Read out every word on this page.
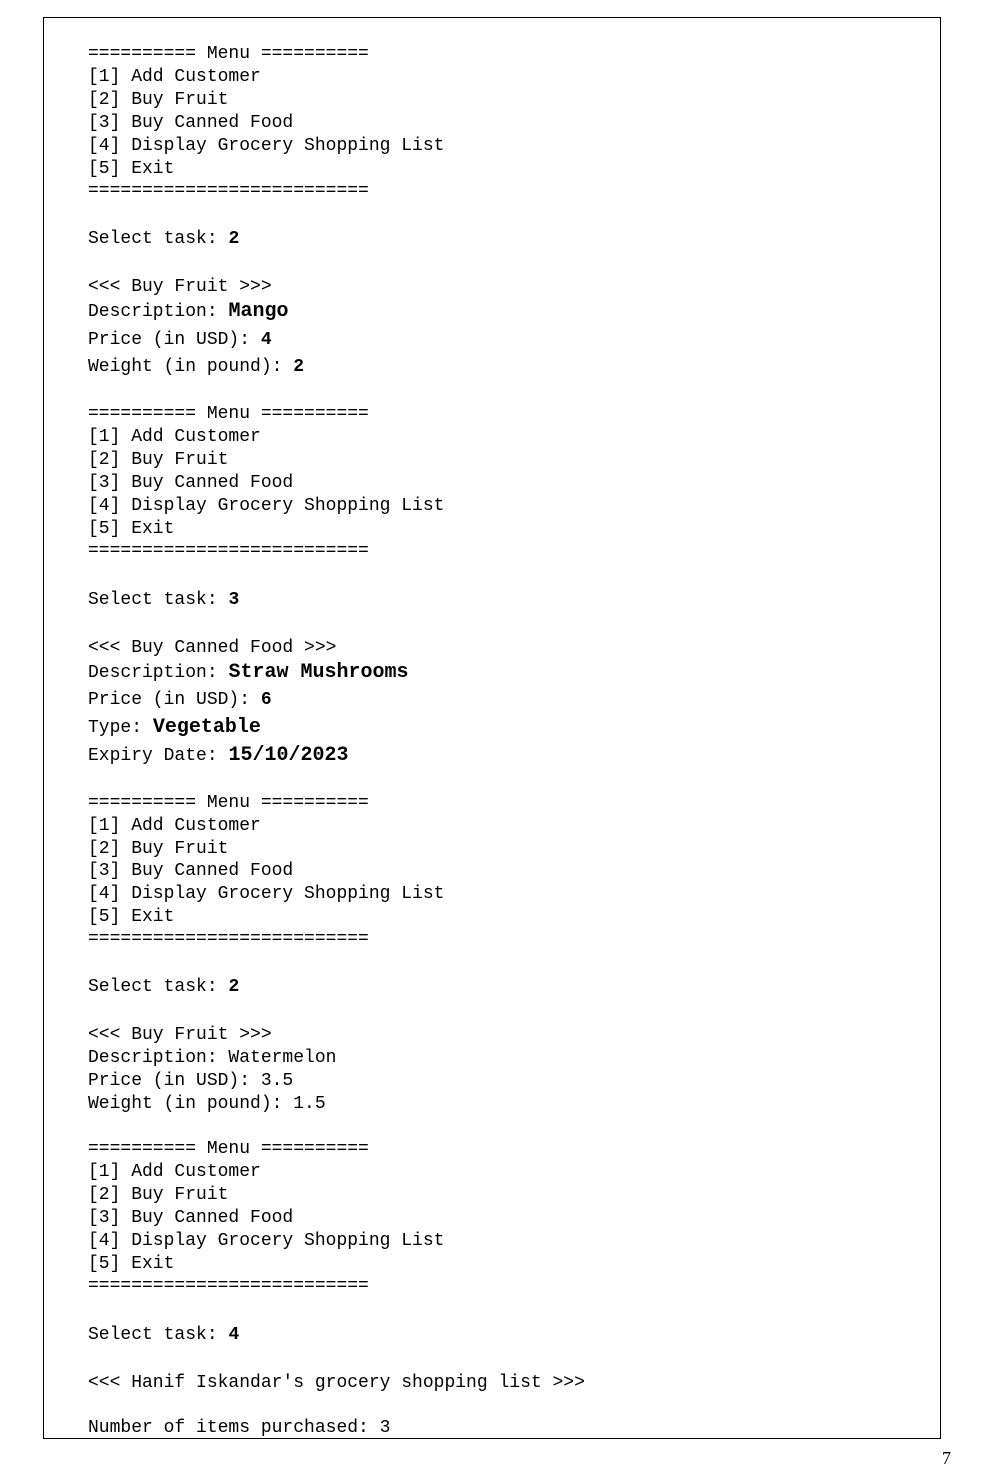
========== Menu ==========
[1] Add Customer
[2] Buy Fruit
[3] Buy Canned Food
[4] Display Grocery Shopping List
[5] Exit
==========================
Select task: 2
<<< Buy Fruit >>>
Description: Mango
Price (in USD): 4
Weight (in pound): 2
========== Menu ==========
[1] Add Customer
[2] Buy Fruit
[3] Buy Canned Food
[4] Display Grocery Shopping List
[5] Exit
==========================
Select task: 3
<<< Buy Canned Food >>>
Description: Straw Mushrooms
Price (in USD): 6
Type: Vegetable
Expiry Date: 15/10/2023
========== Menu ==========
[1] Add Customer
[2] Buy Fruit
[3] Buy Canned Food
[4] Display Grocery Shopping List
[5] Exit
==========================
Select task: 2
<<< Buy Fruit >>>
Description: Watermelon
Price (in USD): 3.5
Weight (in pound): 1.5
========== Menu ==========
[1] Add Customer
[2] Buy Fruit
[3] Buy Canned Food
[4] Display Grocery Shopping List
[5] Exit
==========================
Select task: 4
<<< Hanif Iskandar's grocery shopping list >>>
Number of items purchased: 3
7
